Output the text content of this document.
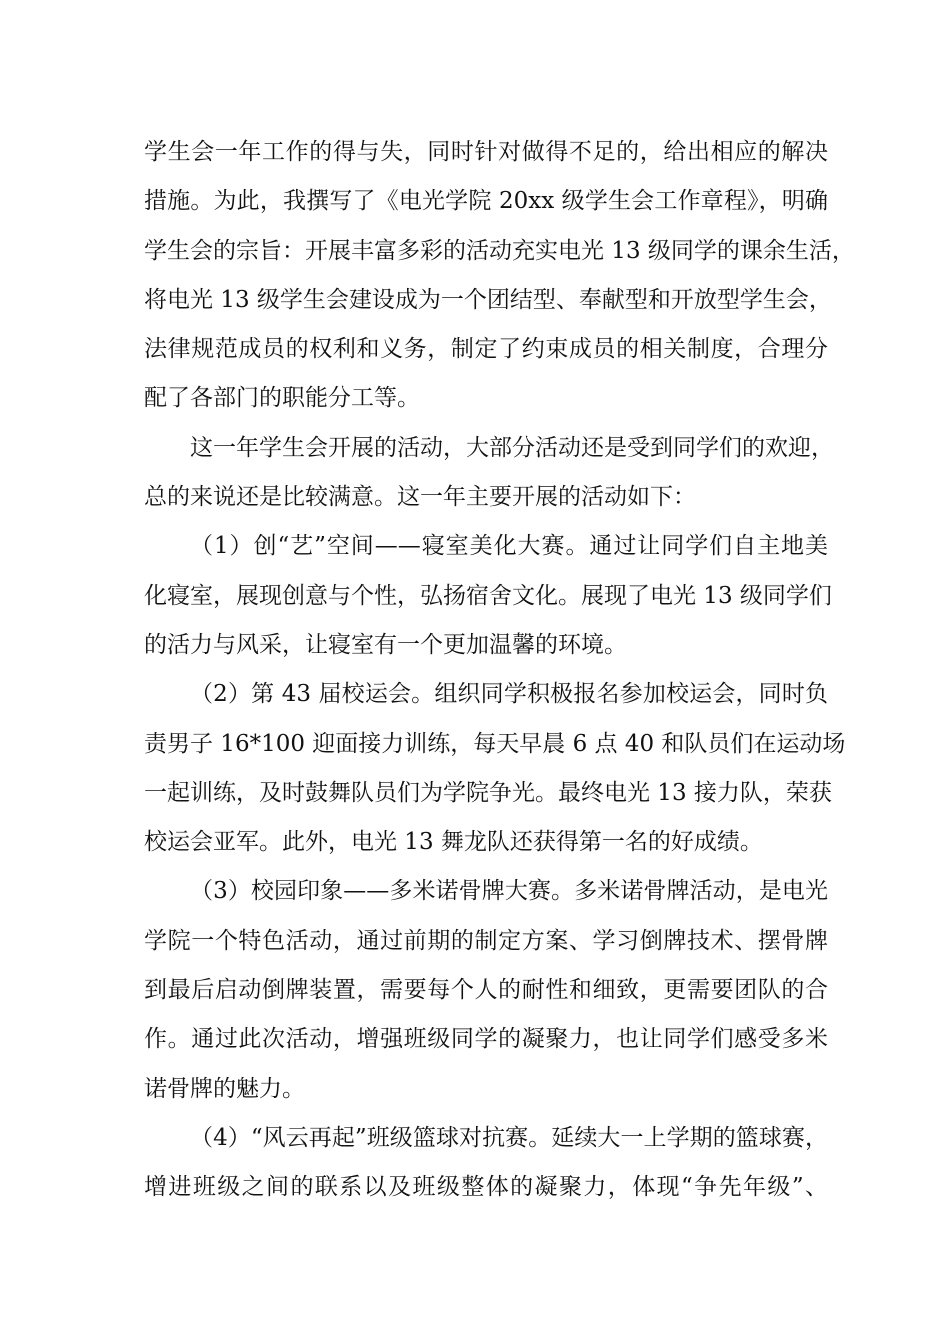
学生会一年工作的得与失，同时针对做得不足的，给出相应的解决
措施。为此，我撰写了《电光学院 20xx 级学生会工作章程》，明确
学生会的宗旨：开展丰富多彩的活动充实电光 13 级同学的课余生活，
将电光 13 级学生会建设成为一个团结型、奉献型和开放型学生会，
法律规范成员的权利和义务，制定了约束成员的相关制度，合理分
配了各部门的职能分工等。
这一年学生会开展的活动，大部分活动还是受到同学们的欢迎，
总的来说还是比较满意。这一年主要开展的活动如下：
（1）创“艺”空间——寝室美化大赛。通过让同学们自主地美
化寝室，展现创意与个性，弘扬宿舍文化。展现了电光 13 级同学们
的活力与风采，让寝室有一个更加温馨的环境。
（2）第 43 届校运会。组织同学积极报名参加校运会，同时负
责男子 16*100 迎面接力训练，每天早晨 6 点 40 和队员们在运动场
一起训练，及时鼓舞队员们为学院争光。最终电光 13 接力队，荣获
校运会亚军。此外，电光 13 舞龙队还获得第一名的好成绩。
（3）校园印象——多米诺骨牌大赛。多米诺骨牌活动，是电光
学院一个特色活动，通过前期的制定方案、学习倒牌技术、摆骨牌
到最后启动倒牌装置，需要每个人的耐性和细致，更需要团队的合
作。通过此次活动，增强班级同学的凝聚力，也让同学们感受多米
诺骨牌的魅力。
（4）“风云再起”班级篮球对抗赛。延续大一上学期的篮球赛，
增进班级之间的联系以及班级整体的凝聚力，体现“争先年级”、
